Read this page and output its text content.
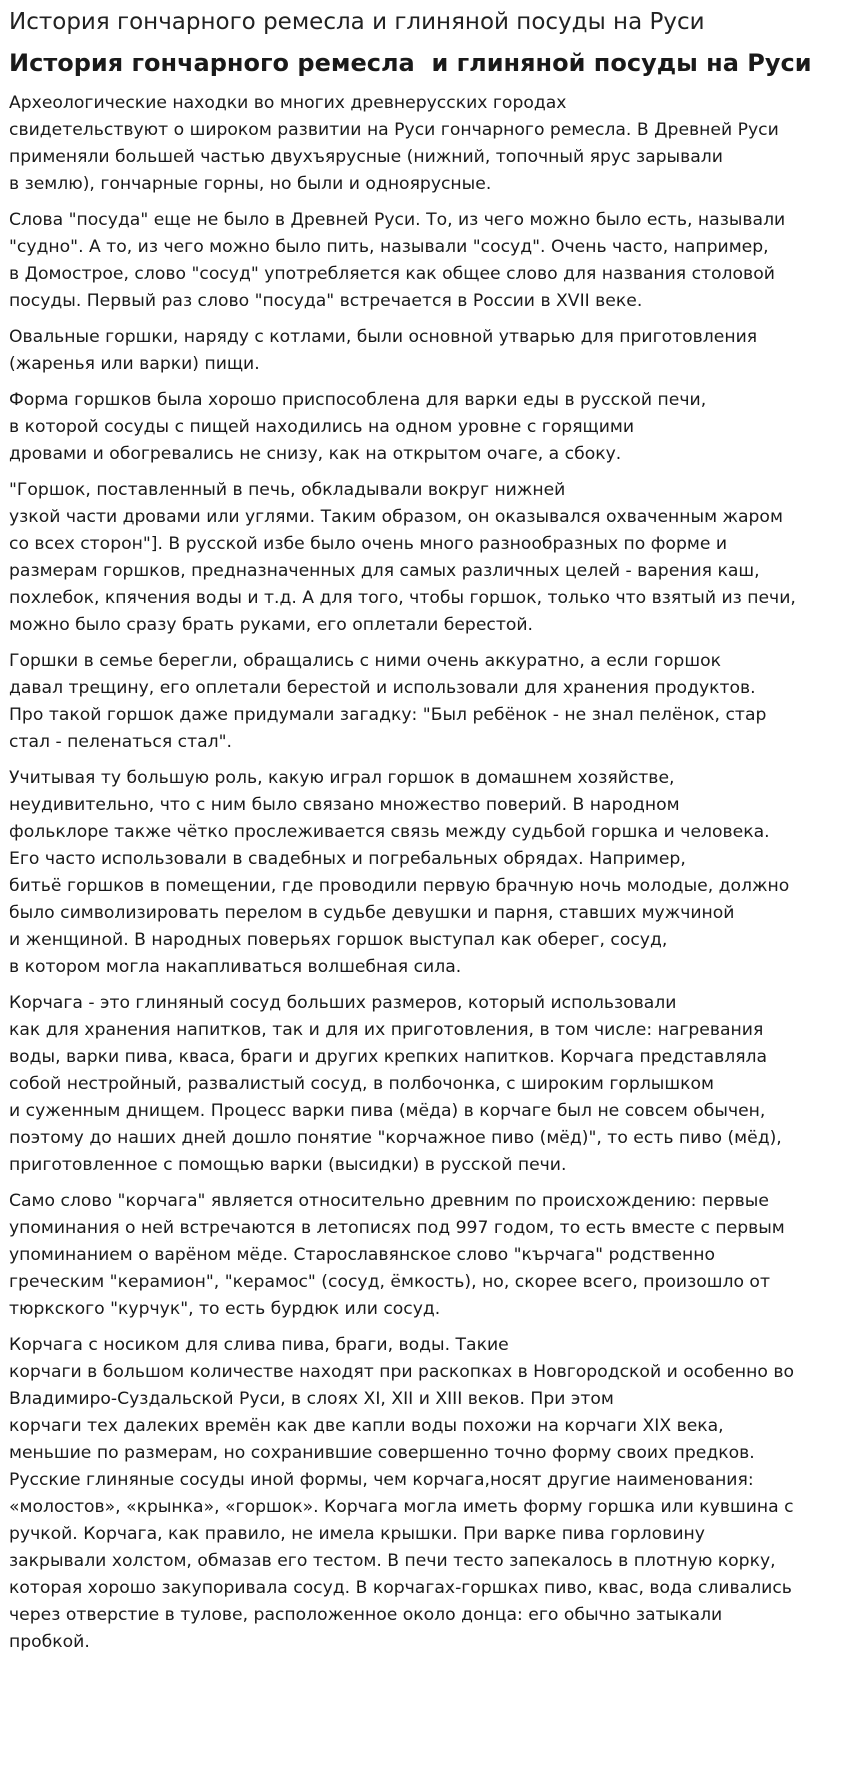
История гончарного ремесла и глиняной посуды на Руси
История гончарного ремесла  и глиняной посуды на Руси

Археологические находки во многих древнерусских городах
свидетельствуют о широком развитии на Руси гончарного ремесла. В Древней Руси
применяли большей частью двухъярусные (нижний, топочный ярус зарывали
в землю), гончарные горны, но были и одноярусные.

Слова "посуда" еще не было в Древней Руси. То, из чего можно было есть, называли
"судно". А то, из чего можно было пить, называли "сосуд". Очень часто, например,
в Домострое, слово "сосуд" употребляется как общее слово для названия столовой
посуды. Первый раз слово "посуда" встречается в России в XVII веке.

Овальные горшки, наряду с котлами, были основной утварью для приготовления
(жаренья или варки) пищи.

Форма горшков была хорошо приспособлена для варки еды в русской печи,
в которой сосуды с пищей находились на одном уровне с горящими
дровами и обогревались не снизу, как на открытом очаге, а сбоку.

"Горшок, поставленный в печь, обкладывали вокруг нижней
узкой части дровами или углями. Таким образом, он оказывался охваченным жаром
со всех сторон"]. В русской избе было очень много разнообразных по форме и
размерам горшков, предназначенных для самых различных целей - варения каш,
похлебок, кпячения воды и т.д. А для того, чтобы горшок, только что взятый из печи,
можно было сразу брать руками, его оплетали берестой.

Горшки в семье берегли, обращались с ними очень аккуратно, а если горшок
давал трещину, его оплетали берестой и использовали для хранения продуктов.
Про такой горшок даже придумали загадку: "Был ребёнок - не знал пелёнок, стар
стал - пеленаться стал".

Учитывая ту большую роль, какую играл горшок в домашнем хозяйстве,
неудивительно, что с ним было связано множество поверий. В народном
фольклоре также чётко прослеживается связь между судьбой горшка и человека.
Его часто использовали в свадебных и погребальных обрядах. Например,
битьё горшков в помещении, где проводили первую брачную ночь молодые, должно
было символизировать перелом в судьбе девушки и парня, ставших мужчиной
и женщиной. В народных поверьях горшок выступал как оберег, сосуд,
в котором могла накапливаться волшебная сила.

Корчага - это глиняный сосуд больших размеров, который использовали
как для хранения напитков, так и для их приготовления, в том числе: нагревания
воды, варки пива, кваса, браги и других крепких напитков. Корчага представляла
собой нестройный, развалистый сосуд, в полбочонка, с широким горлышком
и суженным днищем. Процесс варки пива (мёда) в корчаге был не совсем обычен,
поэтому до наших дней дошло понятие "корчажное пиво (мёд)", то есть пиво (мёд),
приготовленное с помощью варки (высидки) в русской печи.

Само слово "корчага" является относительно древним по происхождению: первые
упоминания о ней встречаются в летописях под 997 годом, то есть вместе с первым
упоминанием о варёном мёде. Старославянское слово "кърчага" родственно
греческим "керамион", "керамос" (сосуд, ёмкость), но, скорее всего, произошло от
тюркского "курчук", то есть бурдюк или сосуд.

Корчага с носиком для слива пива, браги, воды. Такие
корчаги в большом количестве находят при раскопках в Новгородской и особенно во
Владимиро-Суздальской Руси, в слоях XI, XII и XIII веков. При этом
корчаги тех далеких времён как две капли воды похожи на корчаги XIX века,
меньшие по размерам, но сохранившие совершенно точно форму своих предков.
Русские глиняные сосуды иной формы, чем корчага,носят другие наименования:
«молостов», «крынка», «горшок». Корчага могла иметь форму горшка или кувшина с
ручкой. Корчага, как правило, не имела крышки. При варке пива горловину
закрывали холстом, обмазав его тестом. В печи тесто запекалось в плотную корку,
которая хорошо закупоривала сосуд. В корчагах-горшках пиво, квас, вода сливались
через отверстие в тулове, расположенное около донца: его обычно затыкали
пробкой.
